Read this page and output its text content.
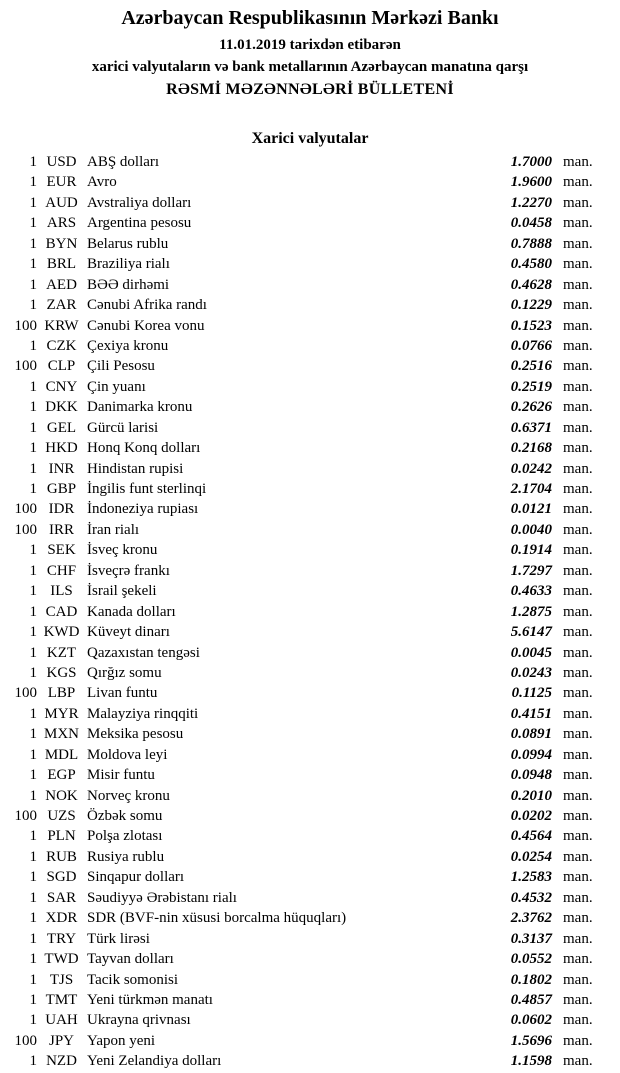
Azərbaycan Respublikasının Mərkəzi Bankı
11.01.2019 tarixdən etibarən
xarici valyutaların və bank metallarının Azərbaycan manatına qarşı
RƏSMİ MƏZƏNNƏLƏRİ BÜLLETENİ
Xarici valyutalar
1 USD ABŞ dolları	1.7000 man.
1 EUR Avro	1.9600 man.
1 AUD Avstraliya dolları	1.2270 man.
1 ARS Argentina pesosu	0.0458 man.
1 BYN Belarus rublu	0.7888 man.
1 BRL Braziliya rialı	0.4580 man.
1 AED BƏƏ dirhəmi	0.4628 man.
1 ZAR Cənubi Afrika randı	0.1229 man.
100 KRW Cənubi Korea vonu	0.1523 man.
1 CZK Çexiya kronu	0.0766 man.
100 CLP Çili Pesosu	0.2516 man.
1 CNY Çin yuanı	0.2519 man.
1 DKK Danimarka kronu	0.2626 man.
1 GEL Gürcü larisi	0.6371 man.
1 HKD Honq Konq dolları	0.2168 man.
1 INR Hindistan rupisi	0.0242 man.
1 GBP İngilis funt sterlinqi	2.1704 man.
100 IDR İndoneziya rupiası	0.0121 man.
100 IRR İran rialı	0.0040 man.
1 SEK İsveç kronu	0.1914 man.
1 CHF İsveçrə frankı	1.7297 man.
1 ILS İsrail şekeli	0.4633 man.
1 CAD Kanada dolları	1.2875 man.
1 KWD Küveyt dinarı	5.6147 man.
1 KZT Qazaxıstan tengəsi	0.0045 man.
1 KGS Qırğız somu	0.0243 man.
100 LBP Livan funtu	0.1125 man.
1 MYR Malayziya rinqqiti	0.4151 man.
1 MXN Meksika pesosu	0.0891 man.
1 MDL Moldova leyi	0.0994 man.
1 EGP Misir funtu	0.0948 man.
1 NOK Norveç kronu	0.2010 man.
100 UZS Özbək somu	0.0202 man.
1 PLN Polşa zlotası	0.4564 man.
1 RUB Rusiya rublu	0.0254 man.
1 SGD Sinqapur dolları	1.2583 man.
1 SAR Səudiyyə Ərəbistanı rialı	0.4532 man.
1 XDR SDR (BVF-nin xüsusi borcalma hüquqları)	2.3762 man.
1 TRY Türk lirəsi	0.3137 man.
1 TWD Tayvan dolları	0.0552 man.
1 TJS Tacik somonisi	0.1802 man.
1 TMT Yeni türkmən manatı	0.4857 man.
1 UAH Ukrayna qrivnası	0.0602 man.
100 JPY Yapon yeni	1.5696 man.
1 NZD Yeni Zelandiya dolları	1.1598 man.
